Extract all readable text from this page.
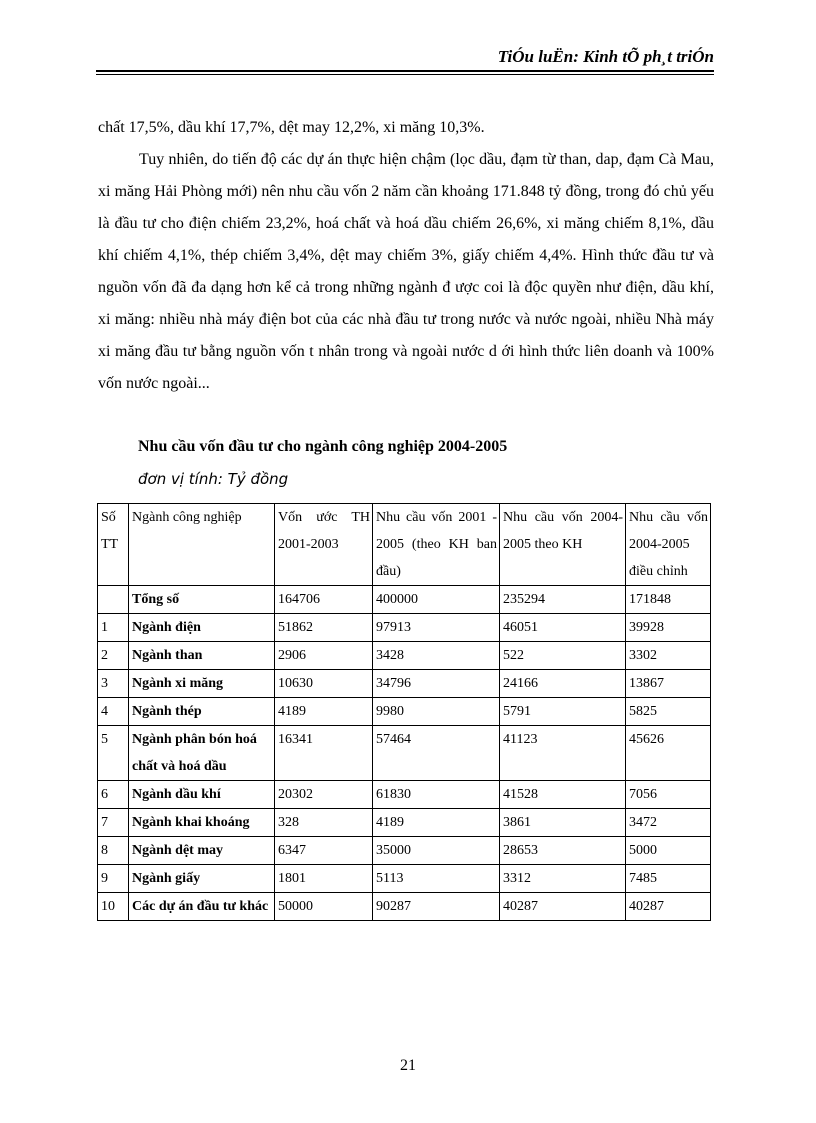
TiÓu luËn: Kinh tÕ ph¸t triÓn
chất 17,5%, dầu khí 17,7%, dệt may 12,2%, xi măng 10,3%.
Tuy nhiên, do tiến độ các dự án thực hiện chậm (lọc dầu, đạm từ than, dap, đạm Cà Mau, xi măng Hải Phòng mới) nên nhu cầu vốn 2 năm cần khoảng 171.848 tỷ đồng, trong đó chủ yếu là đầu tư cho điện chiếm 23,2%, hoá chất và hoá dầu chiếm 26,6%, xi măng chiếm 8,1%, dầu khí chiếm 4,1%, thép chiếm 3,4%, dệt may chiếm 3%, giấy chiếm 4,4%. Hình thức đầu tư và nguồn vốn đã đa dạng hơn kể cả trong những ngành đ ược coi là độc quyền như điện, dầu khí, xi măng: nhiều nhà máy điện bot của các nhà đầu tư trong nước và nước ngoài, nhiều Nhà máy xi măng đầu tư bằng nguồn vốn t nhân trong và ngoài nước d ới hình thức liên doanh và 100% vốn nước ngoài...
Nhu cầu vốn đầu tư cho ngành công nghiệp 2004-2005
đơn vị tính: Tỷ đồng
Số TT	Ngành công nghiệp	Vốn ước TH 2001-2003	Nhu cầu vốn 2001 - 2005 (theo KH ban đầu)	Nhu cầu vốn 2004-2005 theo KH	Nhu cầu vốn 2004-2005 điều chỉnh
	Tổng số	164706	400000	235294	171848
1	Ngành điện	51862	97913	46051	39928
2	Ngành than	2906	3428	522	3302
3	Ngành xi măng	10630	34796	24166	13867
4	Ngành thép	4189	9980	5791	5825
5	Ngành phân bón hoá chất và hoá dầu	16341	57464	41123	45626
6	Ngành dầu khí	20302	61830	41528	7056
7	Ngành khai khoáng	328	4189	3861	3472
8	Ngành dệt may	6347	35000	28653	5000
9	Ngành giấy	1801	5113	3312	7485
10	Các dự án đầu tư khác	50000	90287	40287	40287
21
